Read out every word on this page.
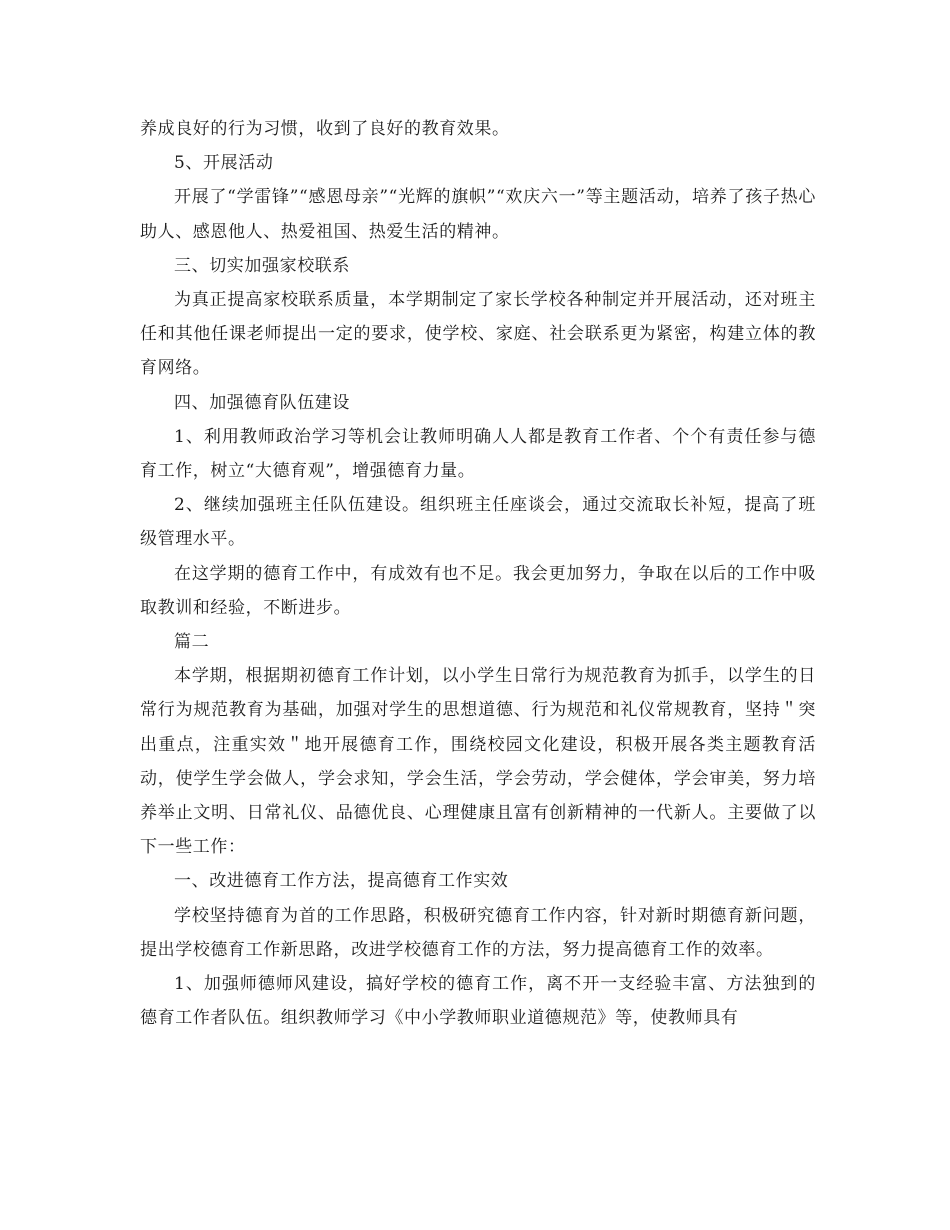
养成良好的行为习惯，收到了良好的教育效果。

5、开展活动

开展了“学雷锋”“感恩母亲”“光辉的旗帜”“欢庆六一”等主题活动，培养了孩子热心助人、感恩他人、热爱祖国、热爱生活的精神。

三、切实加强家校联系

为真正提高家校联系质量，本学期制定了家长学校各种制定并开展活动，还对班主任和其他任课老师提出一定的要求，使学校、家庭、社会联系更为紧密，构建立体的教育网络。

四、加强德育队伍建设

1、利用教师政治学习等机会让教师明确人人都是教育工作者、个个有责任参与德育工作，树立“大德育观”，增强德育力量。

2、继续加强班主任队伍建设。组织班主任座谈会，通过交流取长补短，提高了班级管理水平。

在这学期的德育工作中，有成效有也不足。我会更加努力，争取在以后的工作中吸取教训和经验，不断进步。

篇二

本学期，根据期初德育工作计划，以小学生日常行为规范教育为抓手，以学生的日常行为规范教育为基础，加强对学生的思想道德、行为规范和礼仪常规教育，坚持＂突出重点，注重实效＂地开展德育工作，围绕校园文化建设，积极开展各类主题教育活动，使学生学会做人，学会求知，学会生活，学会劳动，学会健体，学会审美，努力培养举止文明、日常礼仪、品德优良、心理健康且富有创新精神的一代新人。主要做了以下一些工作：

一、改进德育工作方法，提高德育工作实效

学校坚持德育为首的工作思路，积极研究德育工作内容，针对新时期德育新问题，提出学校德育工作新思路，改进学校德育工作的方法，努力提高德育工作的效率。

1、加强师德师风建设，搞好学校的德育工作，离不开一支经验丰富、方法独到的德育工作者队伍。组织教师学习《中小学教师职业道德规范》等，使教师具有
